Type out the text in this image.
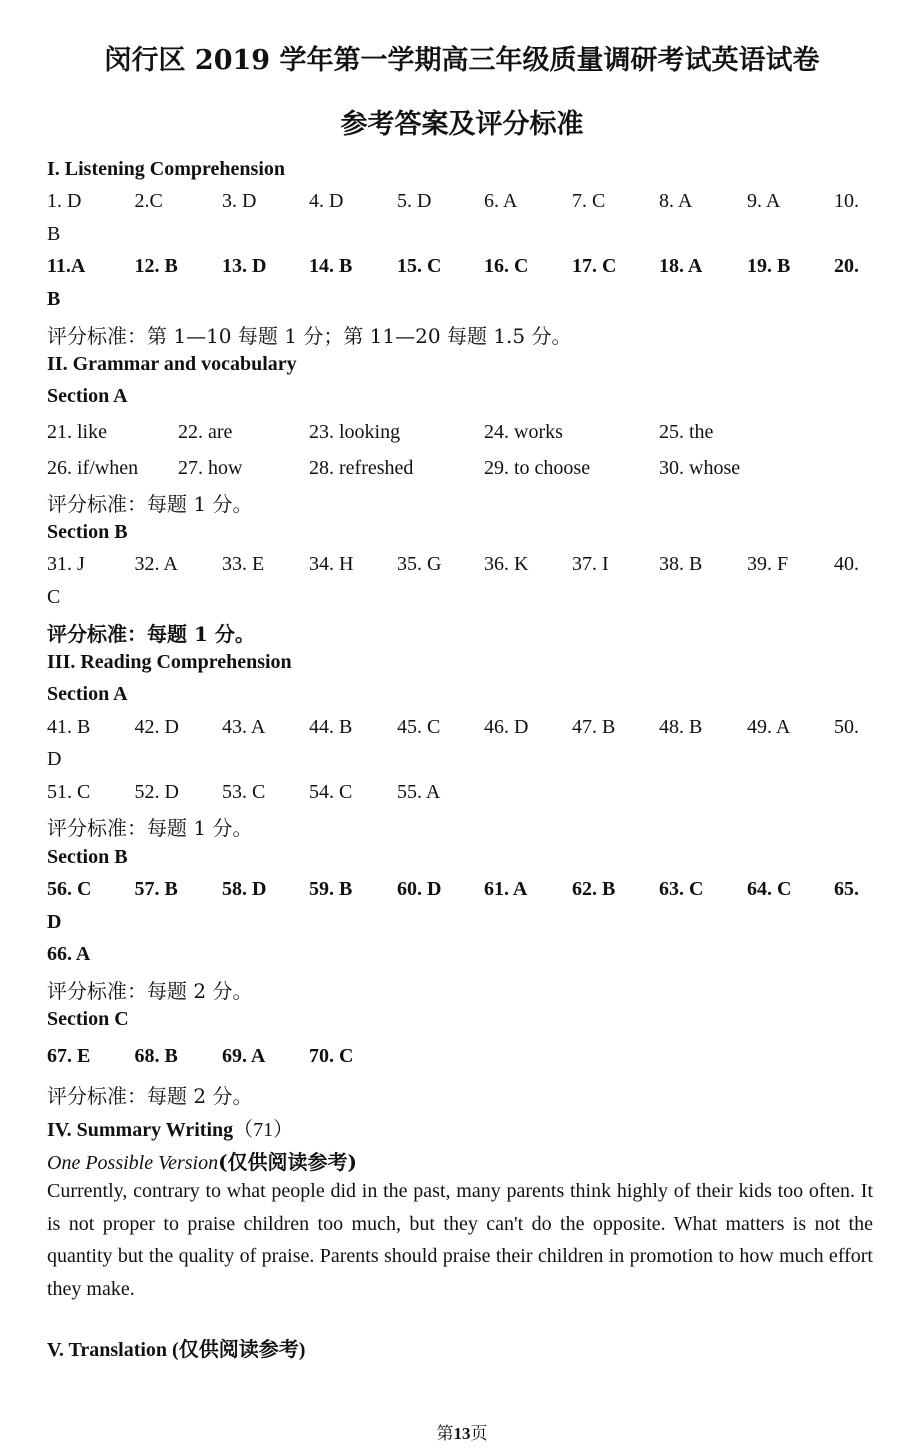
闵行区 2019 学年第一学期高三年级质量调研考试英语试卷
参考答案及评分标准
I. Listening Comprehension
1. D	2.C	3. D	4. D	5. D	6. A	7. C	8. A	9. A	10.
B
11.A 12. B 13. D 14. B 15. C 16. C 17. C 18. A 19. B 20.
B
评分标准：第 1—10 每题 1 分；第 11—20 每题 1.5 分。
II. Grammar and vocabulary
Section A
21. like	22. are	23. looking	24. works	25. the
26. if/when 27. how	28. refreshed	29. to choose	30. whose
评分标准：每题 1 分。
Section B
31. J 32. A 33. E 34. H 35. G 36. K 37. I	38. B 39. F 40.
C
评分标准：每题 1 分。
III. Reading Comprehension
Section A
41. B 42. D 43. A 44. B 45. C 46. D 47. B 48. B 49. A 50.
D
51. C 52. D 53. C 54. C 55. A
评分标准：每题 1 分。
Section B
56. C 57. B 58. D 59. B 60. D 61. A 62. B 63. C 64. C 65.
D
66. A
评分标准：每题 2 分。
Section C
67. E 68. B 69. A 70. C
评分标准：每题 2 分。
IV. Summary Writing（71）
One Possible Version(仅供阅读参考)
Currently, contrary to what people did in the past, many parents think highly of their kids too often. It is not proper to praise children too much, but they can't do the opposite. What matters is not the quantity but the quality of praise. Parents should praise their children in promotion to how much effort they make.
V. Translation (仅供阅读参考)
第13页
